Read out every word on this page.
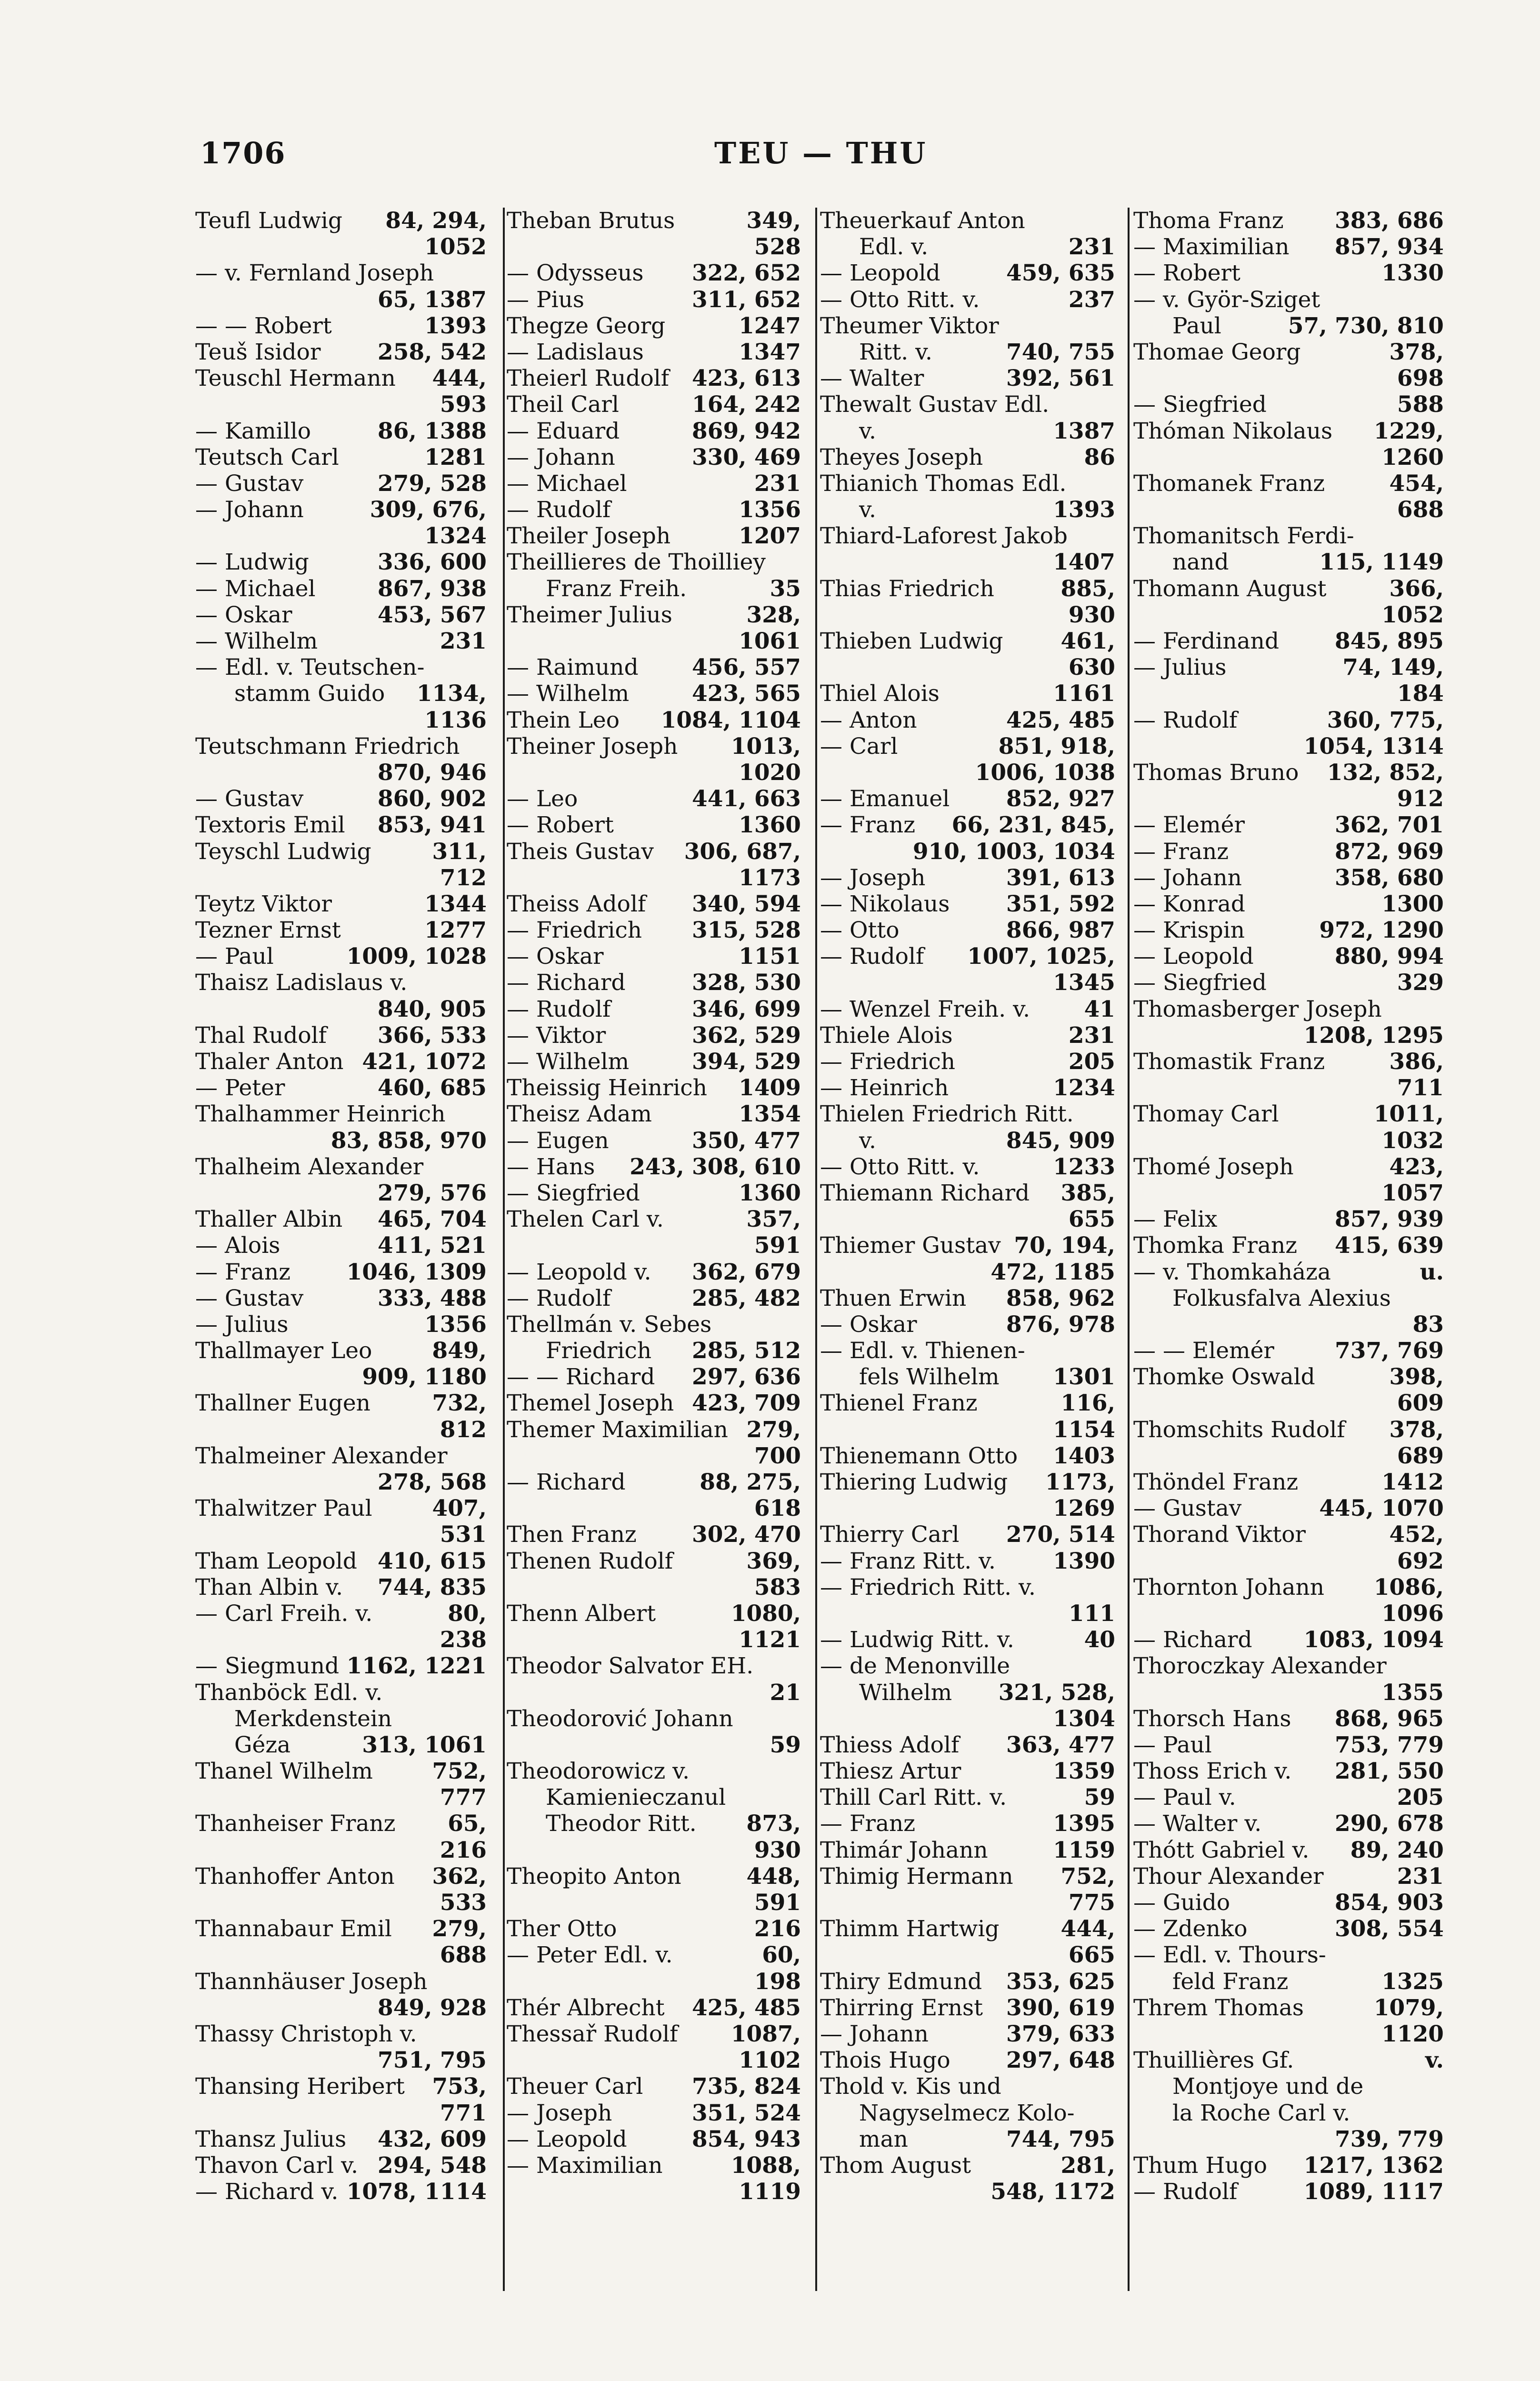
1706	TEU — THU
Teufl Ludwig 84, 294,
1052
— v. Fernland Joseph
65, 1387
— — Robert	1393
Teuš Isidor	258, 542
Teuschl Hermann 444,
593
— Kamillo	86, 1388
Teutsch Carl	1281
— Gustav	279, 528
— Johann	309, 676,
1324
— Ludwig	336, 600
— Michael	867, 938
— Oskar	453, 567
— Wilhelm	231
— Edl. v. Teutschen-
stamm Guido 1134,
1136
Teutschmann Friedrich
870, 946
— Gustav	860, 902
Textoris Emil 853, 941
Teyschl Ludwig	311,
712
Teytz Viktor	1344
Tezner Ernst	1277
— Paul	1009, 1028
Thaisz Ladislaus v.
840, 905
Thal Rudolf 366, 533
Thaler Anton 421, 1072
— Peter	460, 685
Thalhammer Heinrich
83, 858, 970
Thalheim Alexander
279, 576
Thaller Albin 465, 704
— Alois	411, 521
— Franz	1046, 1309
— Gustav	333, 488
— Julius	1356
Thallmayer Leo	849,
909, 1180
Thallner Eugen	732,
812
Thalmeiner Alexander
278, 568
Thalwitzer Paul	407,
531
Tham Leopold 410, 615
Than Albin v. 744, 835
— Carl Freih. v.	80,
238
— Siegmund 1162, 1221
Thanböck Edl. v.
Merkdenstein
Géza	313, 1061
Thanel Wilhelm	752,
777
Thanheiser Franz 65,
216
Thanhoffer Anton 362,
533
Thannabaur Emil 279,
688
Thannhäuser Joseph
849, 928
Thassy Christoph v.
751, 795
Thansing Heribert 753,
771
Thansz Julius 432, 609
Thavon Carl v. 294, 548
— Richard v. 1078, 1114
Theban Brutus	349,
528
— Odysseus 322, 652
— Pius	311, 652
Thegze Georg	1247
— Ladislaus	1347
Theierl Rudolf 423, 613
Theil Carl	164, 242
— Eduard	869, 942
— Johann	330, 469
— Michael	231
— Rudolf	1356
Theiler Joseph	1207
Theillieres de Thoilliey
Franz Freih.	35
Theimer Julius	328,
1061
— Raimund 456, 557
— Wilhelm	423, 565
Thein Leo 1084, 1104
Theiner Joseph 1013,
1020
— Leo	441, 663
— Robert	1360
Theis Gustav 306, 687,
1173
Theiss Adolf 340, 594
— Friedrich 315, 528
— Oskar	1151
— Richard	328, 530
— Rudolf	346, 699
— Viktor	362, 529
— Wilhelm	394, 529
Theissig Heinrich 1409
Theisz Adam	1354
— Eugen	350, 477
— Hans 243, 308, 610
— Siegfried	1360
Thelen Carl v.	357,
591
— Leopold v. 362, 679
— Rudolf	285, 482
Thellmán v. Sebes
Friedrich 285, 512
— — Richard 297, 636
Themel Joseph 423, 709
Themer Maximilian 279,
700
— Richard	88, 275,
618
Then Franz 302, 470
Thenen Rudolf	369,
583
Thenn Albert	1080,
1121
Theodor Salvator EH.
21
Theodorović Johann
59
Theodorowicz v.
Kamienieczanul
Theodor Ritt. 873,
930
Theopito Anton	448,
591
Ther Otto	216
— Peter Edl. v.	60,
198
Thér Albrecht 425, 485
Thessař Rudolf 1087,
1102
Theuer Carl 735, 824
— Joseph	351, 524
— Leopold	854, 943
— Maximilian	1088,
1119
Theuerkauf Anton
Edl. v.	231
— Leopold	459, 635
— Otto Ritt. v.	237
Theumer Viktor
Ritt. v.	740, 755
— Walter	392, 561
Thewalt Gustav Edl.
v.	1387
Theyes Joseph	86
Thianich Thomas Edl.
v.	1393
Thiard-Laforest Jakob
1407
Thias Friedrich	885,
930
Thieben Ludwig	461,
630
Thiel Alois	1161
— Anton	425, 485
— Carl	851, 918,
1006, 1038
— Emanuel	852, 927
— Franz 66, 231, 845,
910, 1003, 1034
— Joseph	391, 613
— Nikolaus	351, 592
— Otto	866, 987
— Rudolf 1007, 1025,
1345
— Wenzel Freih. v. 41
Thiele Alois	231
— Friedrich	205
— Heinrich	1234
Thielen Friedrich Ritt.
v.	845, 909
— Otto Ritt. v.	1233
Thiemann Richard 385,
655
Thiemer Gustav 70, 194,
472, 1185
Thuen Erwin 858, 962
— Oskar	876, 978
— Edl. v. Thienen-
fels Wilhelm 1301
Thienel Franz	116,
1154
Thienemann Otto 1403
Thiering Ludwig 1173,
1269
Thierry Carl 270, 514
— Franz Ritt. v.	1390
— Friedrich Ritt. v.
111
— Ludwig Ritt. v.	40
— de Menonville
Wilhelm 321, 528,
1304
Thiess Adolf 363, 477
Thiesz Artur	1359
Thill Carl Ritt. v.	59
— Franz	1395
Thimár Johann	1159
Thimig Hermann 752,
775
Thimm Hartwig	444,
665
Thiry Edmund 353, 625
Thirring Ernst 390, 619
— Johann	379, 633
Thois Hugo 297, 648
Thold v. Kis und
Nagyselmecz Kolo-
man	744, 795
Thom August	281,
548, 1172
Thoma Franz 383, 686
— Maximilian 857, 934
— Robert	1330
— v. Györ-Sziget
Paul	57, 730, 810
Thomae Georg	378,
698
— Siegfried	588
Thóman Nikolaus 1229,
1260
Thomanek Franz	454,
688
Thomanitsch Ferdi-
nand	115, 1149
Thomann August	366,
1052
— Ferdinand 845, 895
— Julius	74, 149,
184
— Rudolf	360, 775,
1054, 1314
Thomas Bruno 132, 852,
912
— Elemér	362, 701
— Franz	872, 969
— Johann	358, 680
— Konrad	1300
— Krispin	972, 1290
— Leopold	880, 994
— Siegfried	329
Thomasberger Joseph
1208, 1295
Thomastik Franz	386,
711
Thomay Carl	1011,
1032
Thomé Joseph	423,
1057
— Felix	857, 939
Thomka Franz 415, 639
— v. Thomkaháza	u.
Folkusfalva Alexius
83
— — Elemér	737, 769
Thomke Oswald	398,
609
Thomschits Rudolf 378,
689
Thöndel Franz	1412
— Gustav	445, 1070
Thorand Viktor	452,
692
Thornton Johann 1086,
1096
— Richard 1083, 1094
Thoroczkay Alexander
1355
Thorsch Hans 868, 965
— Paul	753, 779
Thoss Erich v. 281, 550
— Paul v.	205
— Walter v.	290, 678
Thótt Gabriel v. 89, 240
Thour Alexander	231
— Guido	854, 903
— Zdenko	308, 554
— Edl. v. Thours-
feld Franz	1325
Threm Thomas	1079,
1120
Thuillières Gf.	v.
Montjoye und de
la Roche Carl v.
739, 779
Thum Hugo 1217, 1362
— Rudolf	1089, 1117
